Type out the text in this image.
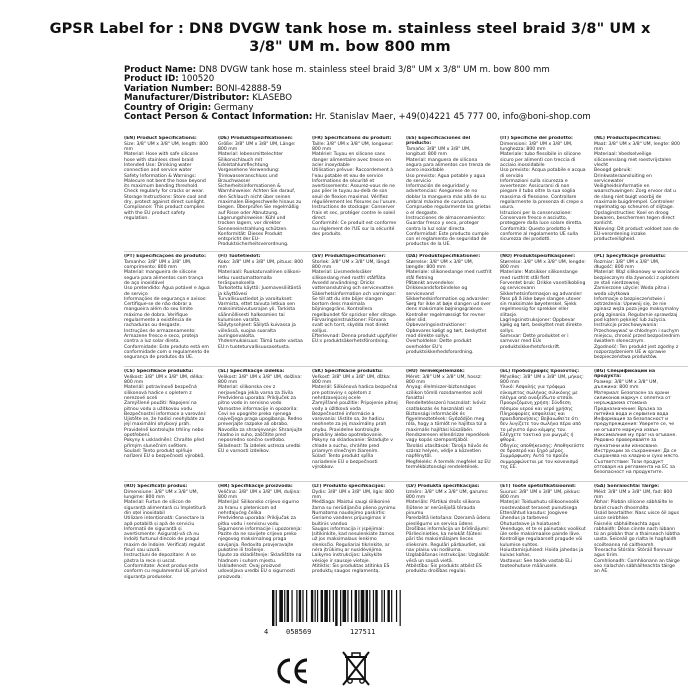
GPSR Label for : DN8 DVGW tank hose m. stainless steel braid 3/8" UM x 3/8" UM m. bow 800 mm
Product Name: DN8 DVGW tank hose m. stainless steel braid 3/8" UM x 3/8" UM m. bow 800 mm
Product ID: 100520
Variation Number: BONI-42888-59
Manufacturer/Distributor: KLASEBO
Country of Origin: Germany
Contact Person & Contact Information: Hr. Stanislav Maer, +49(0)4221 45 777 00, info@boni-shop.com
(EN) Product Specifications:
Size: 3/8" UM x 3/8" UM, length: 800 mm
Material: Hose with safe silicone hose with stainless steel braid
Intended Use: Drinking water connection and service water
Safety Information & Warnings: Malecure not bent the hose beyond its maximum bending threshold. Check regularly for cracks or wear.
Storage Instructions: Store cool and dry, protect against direct sunlight.
Compliance: This product complies with the EU product safety regulation.
(DE) Produktspezifikationen:
Größe: 3/8" UM x 3/8" UM, Länge: 800 mm
Material: lebensmittelechter Silikonschlauch mit Edelstahlumflechtung
Vorgesehene Verwendung: Trinkwasseranschluss und Brauchwasser
Sicherheitsinformationen & Warnhinweise: Achten Sie darauf, den Schlauch nicht über seinen maximalen Biegeschwelle hinaus zu biegen. Überprüfen Sie regelmäßig auf Risse oder Abnutzung.
Lagerungshinweise: Kühl und trocken lagern, vor direkter Sonneneinstrahlung schützen.
Konformität: Dieses Produkt entspricht der EU-Produktsicherheitsverordnung.
(FR) Spécifications du produit:
Taille: 3/8" UM x 3/8" UM, longueur: 800 mm
Matériel: Tuyau en silicone sans danger alimentaire avec tresse en acier inoxydable
Utilisation prévue: Raccordement à l'eau potable et eau de service
Informations de sécurité et avertissements: Assurez-vous de ne pas plier le tuyau au-delà de son seuil de flexion maximal. Vérifiez régulièrement les fissures ou l'usure.
Instructions de stockage: Conserver frais et sec, protéger contre le soleil direct.
Conformité: Ce produit est conforme au règlement de l'UE sur la sécurité des produits.
(ES) Especificaciones del producto:
Tamaño: 3/8" UM x 3/8" UM, longitud: 800 mm
Material: manguera de silicona segura para alimentos con trenza de acero inoxidable
Uso previsto: Agua potable y agua de servicio
Información de seguridad y advertencias: Asegúrese de no doblar la manguera más allá de su umbral máximo de curvatura. Compruebe regularmente las grietas o el desgaste.
Instrucciones de almacenamiento: Guardar fresco y seco, proteger contra la luz solar directa.
Conformidad: Este producto cumple con el reglamento de seguridad de productos de la UE.
(IT) Specifiche del prodotto:
Dimensioni: 3/8" UM x 3/8" UM, lunghezza: 800 mm
Materiale: tubo flessibile in silicone sicuro per alimenti con treccia di acciaio inossidabile
Uso previsto: Acqua potabile e acqua di servizio
Informazioni sulla sicurezza e avvertenze: Assicurarsi di non piegare il tubo oltre la sua soglia massima di flessione. Controllare regolarmente la presenza di crepe o usura.
Istruzioni per la conservazione: Conservare fresco e asciutto, proteggere dalla luce solare diretta.
Conformità: Questo prodotto è conforme al regolamento UE sulla sicurezza dei prodotti.
(NL) Productspecificaties:
Maat: 3/8" UM x 3/8" UM, lengte: 800 mm
Materiaal: Voedselveilige siliconenslang met roestvrijstalen vlecht
Beoogd gebruik: Drinkwateraansluiting en servicewater
Veiligheidsinformatie en waarschuwingen: Zorg ervoor dat u de slang niet buigt voorbij de maximale buigdrempel. Controleer regelmatig op scheuren of slijtage.
Opslaginstructies: Koel en droog bewaren, beschermen tegen direct zonlicht.
Naleving: Dit product voldoet aan de EU-verordening inzake productveiligheid.
(PT) Especificações do produto:
Tamanho: 3/8" UM x 3/8" UM, comprimento: 800 mm
Material: mangueira de silicone segura para alimentos com trança de aço inoxidável
Uso pretendido: Água potável e água de serviço
Informações de segurança e avisos: Certifique-se de não dobrar a mangueira além do seu limite máximo de dobra. Verifique regularmente a existência de rachaduras ou desgaste.
Instruções de armazenamento: Armazene fresco e seco, proteja contra a luz solar direta.
Conformidade: Este produto está em conformidade com o regulamento de segurança de produtos da UE.
(FI) Tuotetiedot:
Koko: 3/8" UM x 3/8" UM, pituus: 800 mm
Materiaali: Ruokaturvallinen silikoniletku ruostumattomalla teräspunoksella
Tarkoitettu käyttö: Juomavesiliitäntä ja käyttövesi
Turvallisuustiedot ja varoitukset: Varmista, ettet taivuta letkua sen maksimitaivutusrajan yli. Tarkista säännöllisesti halkeamien tai kulumisen varalta.
Säilytysohjeet: Säilytä kuivassa ja viileässä, suojaa suoralta auringonvalolta.
Yhdenmukaisuus: Tämä tuote vastaa EU:n tuoteturvallisuusasetusta.
(SV) Produktspecifikationer:
Storlek: 3/8" UM x 3/8" UM, längd: 800 mm
Material: Livsmedelssäker silikonslang med rostfri stålfläta
Avsedd användning: Dricks vattenanslutning och servicevatten
Säkerhetsinformation och varningar: Se till att du inte böjer slangen bortom dess maximala böjningsgräns. Kontrollera regelbundet för sprickor eller slitage.
Förvaringsinstruktioner: Förvara svalt och torrt, skydda mot direkt solljus.
Efterlevnad: Denna produkt uppfyller EU:s produktsäkerhetsförordning.
(DA) Produktspecifikationer:
Størrelse: 3/8" UM x 3/8" UM, længde: 800 mm
Materiale: silikoneslange med rustfrit stål fletning
Påtænkt anvendelse: Drikkevandsforbindelse og servicevand
Sikkerhedsinformation og advarsler: Sørg for ikke at bøje slangen ud over dens maksimale bøjningsgrænse. Kontroller regelmæssigt for revner eller slid.
Opbevaringsinstruktioner: Opbevares køligt og tørt, beskyttet mod direkte sollys.
Overholdelse: Dette produkt overholder EU's produktsikkerhedsforordning.
(NO) Produktspesifikasjoner:
Størrelse: 3/8" UM x 3/8" UM, lengde: 800 mm
Materiale: Matsikker silikonslange med rustfritt stål flett
Forventet bruk: Drikke vanntilkobling og servicevann
Sikkerhetsinformasjon og advarsler: Pass på å ikke bøye slangen utover sin maksimale bøyeterskel. Sjekk regelmessig for sprekker eller slitasje.
Lagringsinstruksjoner: Oppbevar kjølig og tørt, beskyttet mot direkte sollys.
Samsvar: Dette produktet er i samsvar med EUs produktsikkerhetsforskrift.
(PL) Specyfikacje produktu:
Rozmiar: 3/8" UM x 3/8" UM, długość: 800 mm
Materiał: Wąż silikonowy w wariancie bezpiecznym dla żywności z oplotem ze stali nierdzewnej
Zamierzone użycie: Woda pitna i woda użytkowa
Informacje o bezpieczeństwie i ostrzeżenia: Upewnij się, że nie zginasz węża poza jego maksymalny próg zginania. Regularnie sprawdzaj pod kątem pęknięć lub zużycia.
Instrukcje przechowywania: Przechowywać w chłodnym i suchym miejscu, chronić przed bezpośrednim światłem słonecznym.
Zgodność: Ten produkt jest zgodny z rozporządzeniem UE w sprawie bezpieczeństwa produktów.
(CS) Specifikace produktu:
Velikost: 3/8" UM x 3/8" UM, délka: 800 mm
Materiál: potravinově bezpečná silikonová hadice s opletem z nerezové oceli
Zamýšlené použití: Napojení na pitnou vodu a užitkovou vodu
Bezpečnostní informace a varování: Ujistěte se, že hadici neohýbáte za její maximální ohybový práh. Pravidelně kontrolujte trhliny nebo opotřebení.
Pokyny k uskladnění: Chraňte před přímým slunečním světlem.
Soulad: Tento produkt splňuje nařízení EU o bezpečnosti výrobků.
(SL) Specifikacije izdelka:
Velikost: 3/8" UM x 3/8" UM, dolžina: 800 mm
Material: silikonska cev z nerjavečega jekla varna za živila
Predvidena uporaba: Priključek za pitno vodo in servisno vodo
Varnostne informacije in opozorila: Cevi ne upognite preko njenega največjega praga upogibanja. Redno preverjajte razpoke ali obrabo.
Navodila za shranjevanje: Shranjujte hladno in suho, zaščitite pred neposredno sončno svetlobo.
Skladnost: Ta izdelek ustreza uredbi EU o varnosti izdelkov.
(SK) Špecifikácie produktu:
Veľkosť: 3/8" UM x 3/8" UM, dĺžka: 800 mm
Materiál: Silikónová hadica bezpečná pre potraviny s opletom z nehrdzavejúcej ocele
Zamýšľané použitie: Pripojenie pitnej vody a úžitková voda
Bezpečnostné informácie a varovania: Uistite sa, že hadicu neohnete za jej maximálny prah ohybu. Pravidelne kontrolujte praskliny alebo opotrebovanie.
Pokyny na skladovanie: Skladujte v chlade a suchu, chráňte pred priamym slnečným žiarením.
Súlad: Tento produkt spĺňa nariadenie EÚ o bezpečnosti výrobkov.
(HU) Termékjellemzők:
Méret: 3/8" UM x 3/8" UM, hossz: 800 mm
Anyag: élelmiszer-biztonságos szilikon tömlő rozsdamentes acél fonattal
Rendeltetésszerű használat: Ivóvíz csatlakozás és használati víz
Biztonsági információk és figyelmeztetések: Győződjön meg róla, hogy a tömlőt ne hajlítsa túl a maximális hajlítási küszöbén. Rendszeresen ellenőrizze repedések vagy kopás szempontjából.
Tárolási utasítások: Tárolja hűvös és száraz helyen, védje a közvetlen napfénytől.
Megfelelés: A termék megfelel az EU termékbiztonsági rendeletének.
(EL) Προδιαγραφές προϊόντος:
Μέγεθος: 3/8" UM x 3/8" UM, μήκος: 800 mm
Υλικό: Ασφαλής για τρόφιμα εύκαμπτος σωλήνας σιλικόνης με πλέγμα από ανοξείδωτο ατσάλι
Προοριζόμενη χρήση: Σύνδεση πόσιμου νερού και νερό χρήσης
Πληροφορίες ασφαλείας και προειδοποιήσεις: Βεβαιωθείτε ότι δεν λυγίζετε τον σωλήνα πέρα από το μέγιστο όριο κάμψης του. Ελέγχετε τακτικά για ρωγμές ή φθορά.
Οδηγίες αποθήκευσης: Αποθηκεύστε σε δροσερό και ξηρό μέρος.
Συμμόρφωση: Αυτό το προϊόν συμμορφώνεται με τον κανονισμό της ΕΕ.
(BG) Спецификации на продукта:
Размер: 3/8" UM x 3/8" UM, дължина: 800 mm
Материал: Безопасен за храни силиконов маркуч с оплетка от неръждаема стомана
Предназначение: Връзка за питейна вода и сервизна вода
Информация за безопасност и предупреждения: Уверете се, че не огъвате маркуча извън максималния му праг на огъване. Редовно проверявайте за пукнатини или износване.
Инструкции за съхранение: Да се съхранява на хладно и сухо място.
Съответствие: Този продукт отговаря на регламента на ЕС за безопасност на продуктите.
(RO) Specificații produs:
Dimensiune: 3/8" UM x 3/8" UM, lungime: 800 mm
Material: Furtun de silicon de siguranță alimentară cu împletitură din oțel inoxidabil
Utilizare intenționată: Conectare la apă potabilă și apă de serviciu
Informații de siguranță și avertismente: Asigurați-vă că nu îndoiți furtunul dincolo de pragul maxim de îndoire. Verificați regulat fisuri sau uzură.
Instrucțiuni de depozitare: A se păstra la rece și uscat.
Conformitate: Acest produs este conform cu regulamentul UE privind siguranța produselor.
(HR) Specifikacije proizvoda:
Veličina: 3/8" UM x 3/8" UM, duljina: 800 mm
Materijal: Silikonsko crijevo sigurno za hranu s pletenicom od nehrđajućeg čelika
Predviđena uporaba: Priključak za pitku vodu i servisnu vodu
Sigurnosne informacije i upozorenja: Pazite da ne savijete crijevo preko njegovog maksimalnog praga savijanja. Redovito provjeravajte pukotine ili trošenje.
Upute za skladištenje: Skladištite na hladnom i suhom mjestu.
Usklađenost: Ovaj proizvod udovoljava uredbi EU o sigurnosti proizvoda.
(LT) Produkto specifikacijos:
Dydis: 3/8" UM x 3/8" UM, ilgis: 800 mm
Medžiaga: Maistui saugi silikoninė žarna su nerūdijančio plieno pynimu
Numatoma naudojimo paskirtis: Geriamo vandens prijungimas ir buitinis vanduo
Saugos informacija ir įspėjimai: Įsitikinkite, kad nesulenkiate žarnos už jos maksimalaus lenkimo slenksčio. Reguliariai tikrinkite, ar nėra įtrūkimų ar nusidėvėjimo.
Laikymo instrukcijos: Laikykite vėsioje ir sausoje vietoje.
Atitiktis: Šis produktas atitinka ES produktų saugos reglamentą.
(LV) Produkta specifikācijas:
Izmērs: 3/8" UM x 3/8" UM, garums: 800 mm
Materiāls: Pārtikai drošs silikona šļūtene ar nerūsējošā tērauda pinumu
Paredzētā lietošana: Dzeramā ūdens pieslēgums un servisa ūdens
Drošības informācija un brīdinājumi: Pārliecinieties, ka nelokāt šļūteni pāri tās maksimālajam lieces slieksnim. Regulāri pārbaudiet, vai nav plaisu vai nodiluma.
Uzglabāšanas instrukcijas: Uzglabāt vēsā un sausā vietā.
Atbilstība: Šis produkts atbilst ES produktu drošības regulai.
(ET) Toote spetsifikatsioonid:
Suurus: 3/8" UM x 3/8" UM, pikkus: 800 mm
Materjal: Toiduohutu silikoonvoolik roostevabast terasest punutisega
Ettenähtud kasutus: Joogivee ühendus ja tarbevesi
Ohutusteave ja hoiatused: Veenduge, et te ei painutaks voolikut üle selle maksimaalse painde läve. Kontrollige regulaarselt pragude või kulumise suhtes.
Hoiustamisjuhised: Hoida jahedas ja kuivas kohas.
Vastavus: See toode vastab ELi tooteohutuse määrusele.
(GA) Sonraíochtaí Táirge:
Méid: 3/8" UM x 3/8" UM, fad: 800 mm
Ábhar: Píobán silicone sábháilte le braid cruach dhosmálta
Úsáid beartaithe: Nasc uisce óil agus uisce seirbhíse
Faisnéis sábháilteachta agus rabhaidh: Déan cinnte nach lúbann tú an píobán thar a thairseach lúbtha uasta. Seiceáil go rialta le haghaidh scoilteanna nó caitheamh.
Treoracha Stórála: Stóráil fionnuar agus tirim.
Comhlíonadh: Comhlíonann an táirge seo rialachán sábháilteachta táirge an AE.
4	058569	127511
